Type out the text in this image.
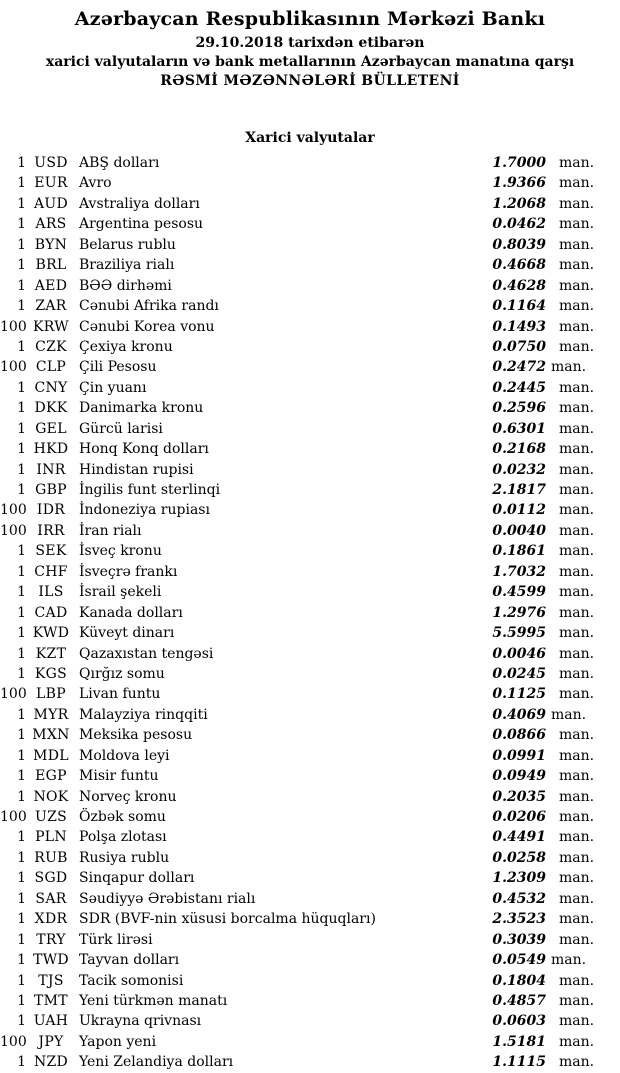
Azərbaycan Respublikasının Mərkəzi Bankı
29.10.2018 tarixdən etibarən
xarici valyutaların və bank metallarının Azərbaycan manatına qarşı
RƏSMİ MƏZƏNNƏLƏRİ BÜLLETENİ
Xarici valyutalar
1 USD ABŞ dolları	1.7000 man.
1 EUR Avro	1.9366 man.
1 AUD Avstraliya dolları	1.2068 man.
1 ARS Argentina pesosu	0.0462 man.
1 BYN Belarus rublu	0.8039 man.
1 BRL Braziliya rialı	0.4668 man.
1 AED BƏƏ dirhəmi	0.4628 man.
1 ZAR Cənubi Afrika randı	0.1164 man.
100 KRW Cənubi Korea vonu	0.1493 man.
1 CZK Çexiya kronu	0.0750 man.
100 CLP Çili Pesosu	0.2472 man.
1 CNY Çin yuanı	0.2445 man.
1 DKK Danimarka kronu	0.2596 man.
1 GEL Gürcü larisi	0.6301 man.
1 HKD Honq Konq dolları	0.2168 man.
1 INR Hindistan rupisi	0.0232 man.
1 GBP İngilis funt sterlinqi	2.1817 man.
100 IDR İndoneziya rupiası	0.0112 man.
100 IRR	İran rialı	0.0040 man.
1 SEK İsveç kronu	0.1861 man.
1 CHF İsveçrə frankı	1.7032 man.
1 ILS	İsrail şekeli	0.4599 man.
1 CAD Kanada dolları	1.2976 man.
1 KWD Küveyt dinarı	5.5995 man.
1 KZT Qazaxıstan tengəsi	0.0046 man.
1 KGS Qırğız somu	0.0245 man.
100 LBP Livan funtu	0.1125 man.
1 MYR Malayziya rinqqiti	0.4069 man.
1 MXN Meksika pesosu	0.0866 man.
1 MDL Moldova leyi	0.0991 man.
1 EGP Misir funtu	0.0949 man.
1 NOK Norveç kronu	0.2035 man.
100 UZS Özbək somu	0.0206 man.
1 PLN Polşa zlotası	0.4491 man.
1 RUB Rusiya rublu	0.0258 man.
1 SGD Sinqapur dolları	1.2309 man.
1 SAR Səudiyyə Ərəbistanı rialı	0.4532 man.
1 XDR SDR (BVF-nin xüsusi borcalma hüquqları)	2.3523 man.
1 TRY Türk lirəsi	0.3039 man.
1 TWD Tayvan dolları	0.0549 man.
1 TJS	Tacik somonisi	0.1804 man.
1 TMT Yeni türkmən manatı	0.4857 man.
1 UAH Ukrayna qrivnası	0.0603 man.
100 JPY	Yapon yeni	1.5181 man.
1 NZD Yeni Zelandiya dolları	1.1115 man.
